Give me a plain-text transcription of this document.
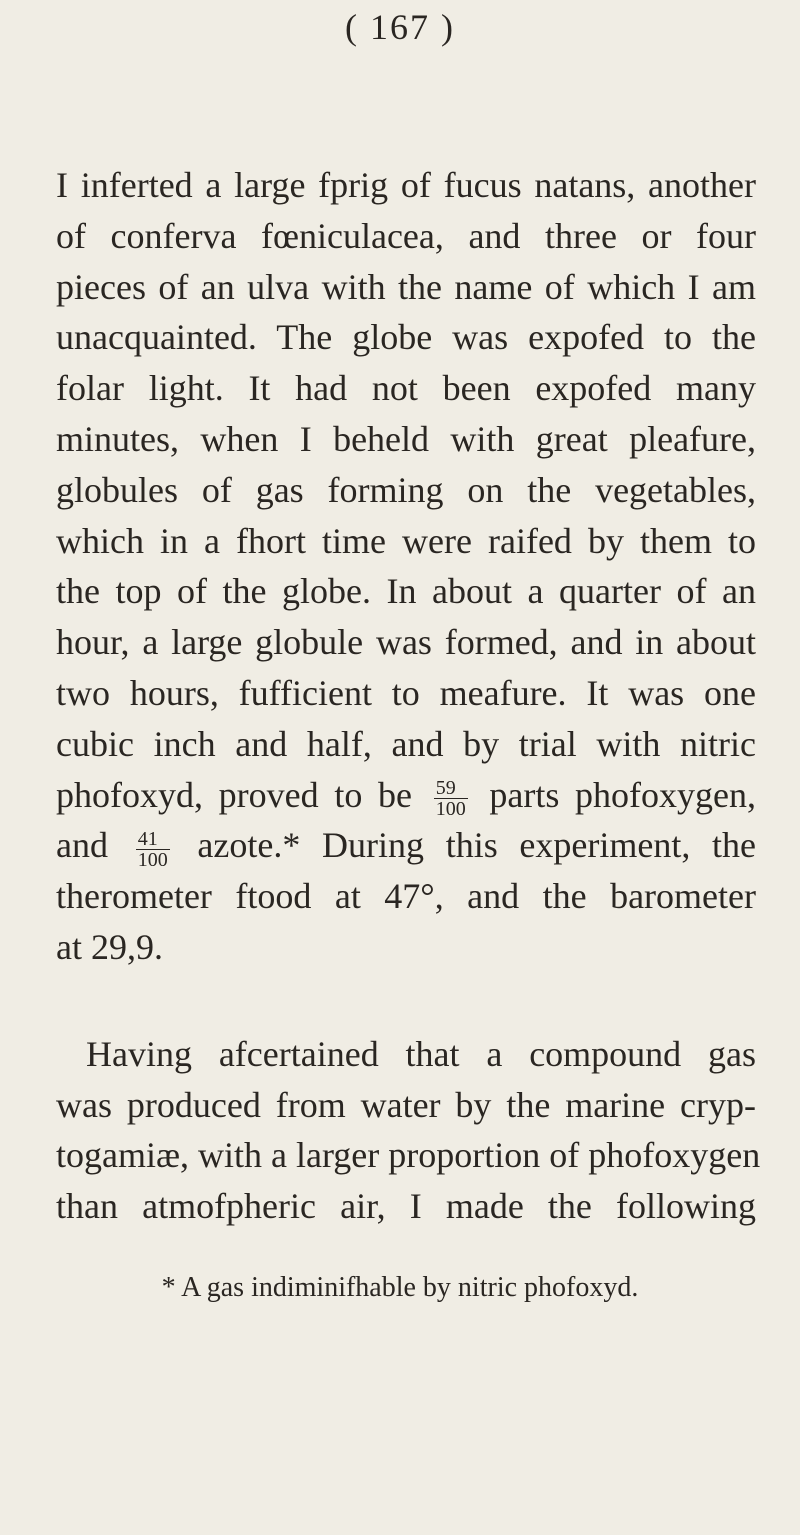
( 167 )
I inferted a large fprig of fucus natans, another
of conferva fœniculacea, and three or four
pieces of an ulva with the name of which I am
unacquainted. The globe was expofed to the
folar light. It had not been expofed many
minutes, when I beheld with great pleafure,
globules of gas forming on the vegetables,
which in a fhort time were raifed by them to
the top of the globe. In about a quarter of an
hour, a large globule was formed, and in about
two hours, fufficient to meafure. It was one
cubic inch and half, and by trial with nitric
phofoxyd, proved to be $\frac{59}{100}$ parts phofoxygen,
and $\frac{41}{100}$ azote.* During this experiment, the
therometer ftood at 47°, and the barometer
at 29,9.
Having afcertained that a compound gas
was produced from water by the marine cryp-
togamiæ, with a larger proportion of phofoxygen
than atmofpheric air, I made the following
* A gas indiminifhable by nitric phofoxyd.
